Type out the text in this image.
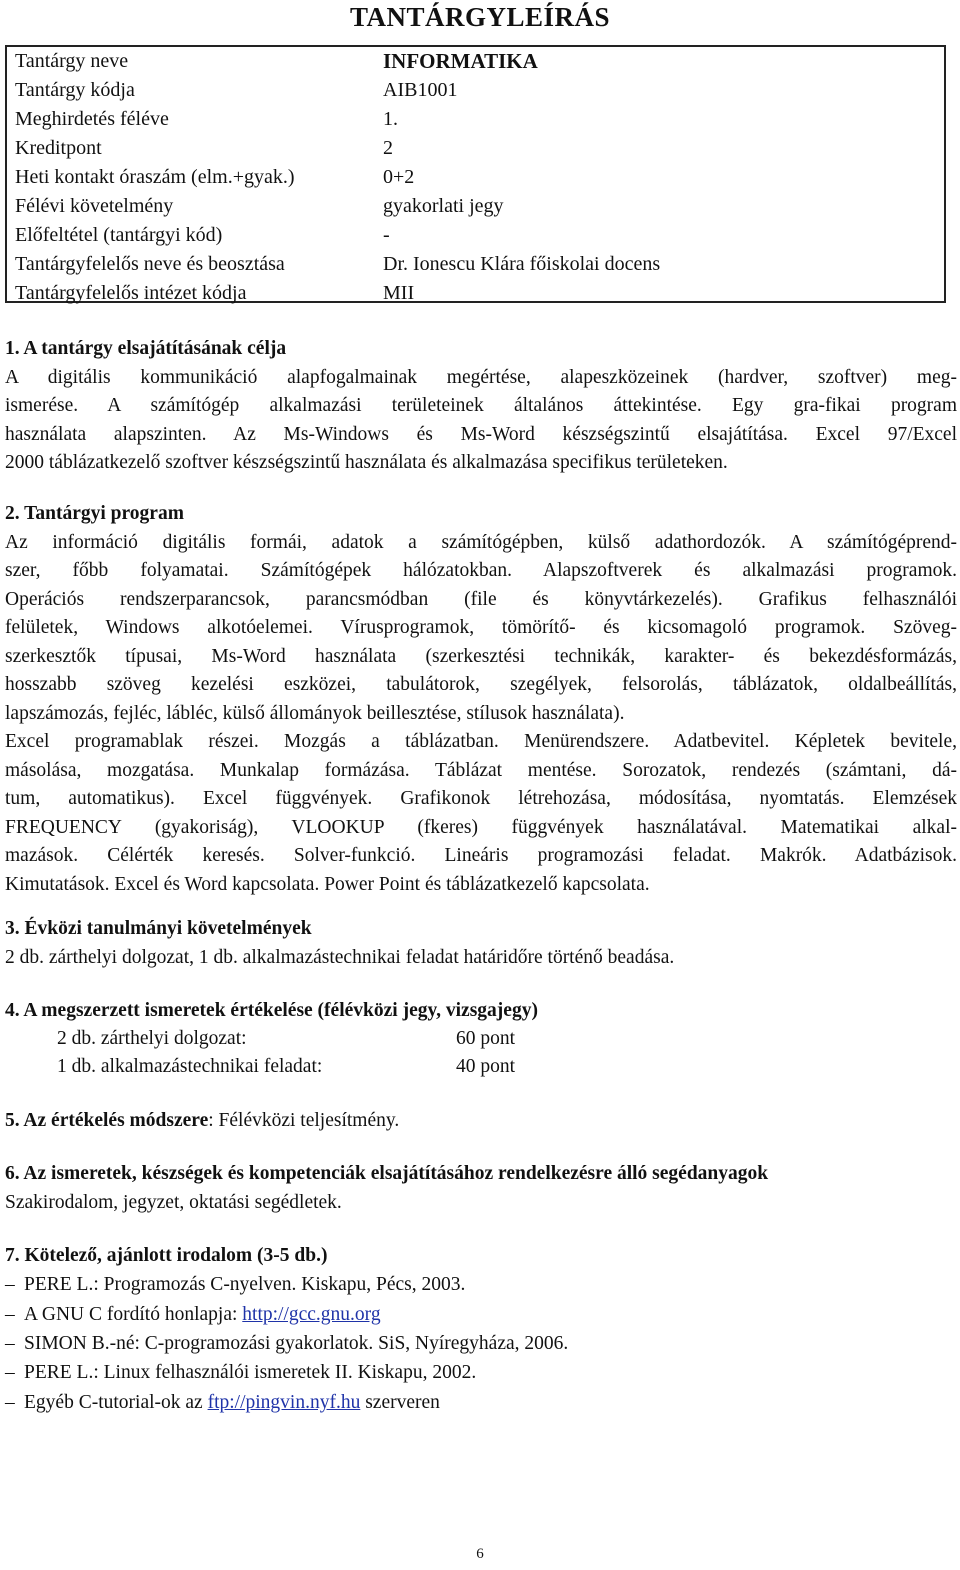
TANTÁRGYLEÍRÁS
Tantárgy neve	INFORMATIKA
Tantárgy kódja	AIB1001
Meghirdetés féléve	1.
Kreditpont	2
Heti kontakt óraszám (elm.+gyak.)	0+2
Félévi követelmény	gyakorlati jegy
Előfeltétel (tantárgyi kód)	-
Tantárgyfelelős neve és beosztása	Dr. Ionescu Klára főiskolai docens
Tantárgyfelelős intézet kódja	MII
1. A tantárgy elsajátításának célja
A digitális kommunikáció alapfogalmainak megértése, alapeszközeinek (hardver, szoftver) meg-
ismerése. A számítógép alkalmazási területeinek általános áttekintése. Egy gra-fikai program
használata alapszinten. Az Ms-Windows és Ms-Word készségszintű elsajátítása. Excel 97/Excel
2000 táblázatkezelő szoftver készségszintű használata és alkalmazása specifikus területeken.
2. Tantárgyi program
Az információ digitális formái, adatok a számítógépben, külső adathordozók. A számítógéprend-
szer, főbb folyamatai. Számítógépek hálózatokban. Alapszoftverek és alkalmazási programok.
Operációs rendszerparancsok, parancsmódban (file és könyvtárkezelés). Grafikus felhasználói
felületek, Windows alkotóelemei. Vírusprogramok, tömörítő- és kicsomagoló programok. Szöveg-
szerkesztők típusai, Ms-Word használata (szerkesztési technikák, karakter- és bekezdésformázás,
hosszabb szöveg kezelési eszközei, tabulátorok, szegélyek, felsorolás, táblázatok, oldalbeállítás,
lapszámozás, fejléc, lábléc, külső állományok beillesztése, stílusok használata).
Excel programablak részei. Mozgás a táblázatban. Menürendszere. Adatbevitel. Képletek bevitele,
másolása, mozgatása. Munkalap formázása. Táblázat mentése. Sorozatok, rendezés (számtani, dá-
tum, automatikus). Excel függvények. Grafikonok létrehozása, módosítása, nyomtatás. Elemzések
FREQUENCY (gyakoriság), VLOOKUP (fkeres) függvények használatával. Matematikai alkal-
mazások. Célérték keresés. Solver-funkció. Lineáris programozási feladat. Makrók. Adatbázisok.
Kimutatások. Excel és Word kapcsolata. Power Point és táblázatkezelő kapcsolata.
3. Évközi tanulmányi követelmények
2 db. zárthelyi dolgozat, 1 db. alkalmazástechnikai feladat határidőre történő beadása.
4. A megszerzett ismeretek értékelése (félévközi jegy, vizsgajegy)
2 db. zárthelyi dolgozat:	60 pont
1 db. alkalmazástechnikai feladat:	40 pont
5. Az értékelés módszere: Félévközi teljesítmény.
6. Az ismeretek, készségek és kompetenciák elsajátításához rendelkezésre álló segédanyagok
Szakirodalom, jegyzet, oktatási segédletek.
7. Kötelező, ajánlott irodalom (3-5 db.)
– PERE L.: Programozás C-nyelven. Kiskapu, Pécs, 2003.
– A GNU C fordító honlapja: http://gcc.gnu.org
– SIMON B.-né: C-programozási gyakorlatok. SiS, Nyíregyháza, 2006.
– PERE L.: Linux felhasználói ismeretek II. Kiskapu, 2002.
– Egyéb C-tutorial-ok az ftp://pingvin.nyf.hu szerveren
6
